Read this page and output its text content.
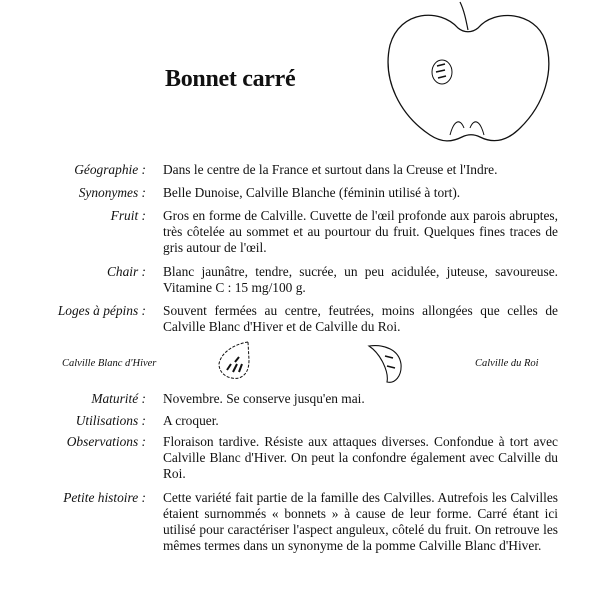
Bonnet carré
Géographie : Dans le centre de la France et surtout dans la Creuse et l'Indre.
Synonymes : Belle Dunoise, Calville Blanche (féminin utilisé à tort).
Fruit : Gros en forme de Calville. Cuvette de l'œil profonde aux parois abruptes, très côtelée au sommet et au pourtour du fruit. Quelques fines traces de gris autour de l'œil.
Chair : Blanc jaunâtre, tendre, sucrée, un peu acidulée, juteuse, savoureuse. Vitamine C : 15 mg/100 g.
Loges à pépins : Souvent fermées au centre, feutrées, moins allongées que celles de Calville Blanc d'Hiver et de Calville du Roi.
Calville Blanc d'Hiver	Calville du Roi
Maturité : Novembre. Se conserve jusqu'en mai.
Utilisations : A croquer.
Observations : Floraison tardive. Résiste aux attaques diverses. Confondue à tort avec Calville Blanc d'Hiver. On peut la confondre également avec Calville du Roi.
Petite histoire : Cette variété fait partie de la famille des Calvilles. Autrefois les Calvilles étaient surnommés « bonnets » à cause de leur forme. Carré étant ici utilisé pour caractériser l'aspect anguleux, côtelé du fruit. On retrouve les mêmes termes dans un synonyme de la pomme Calville Blanc d'Hiver.
